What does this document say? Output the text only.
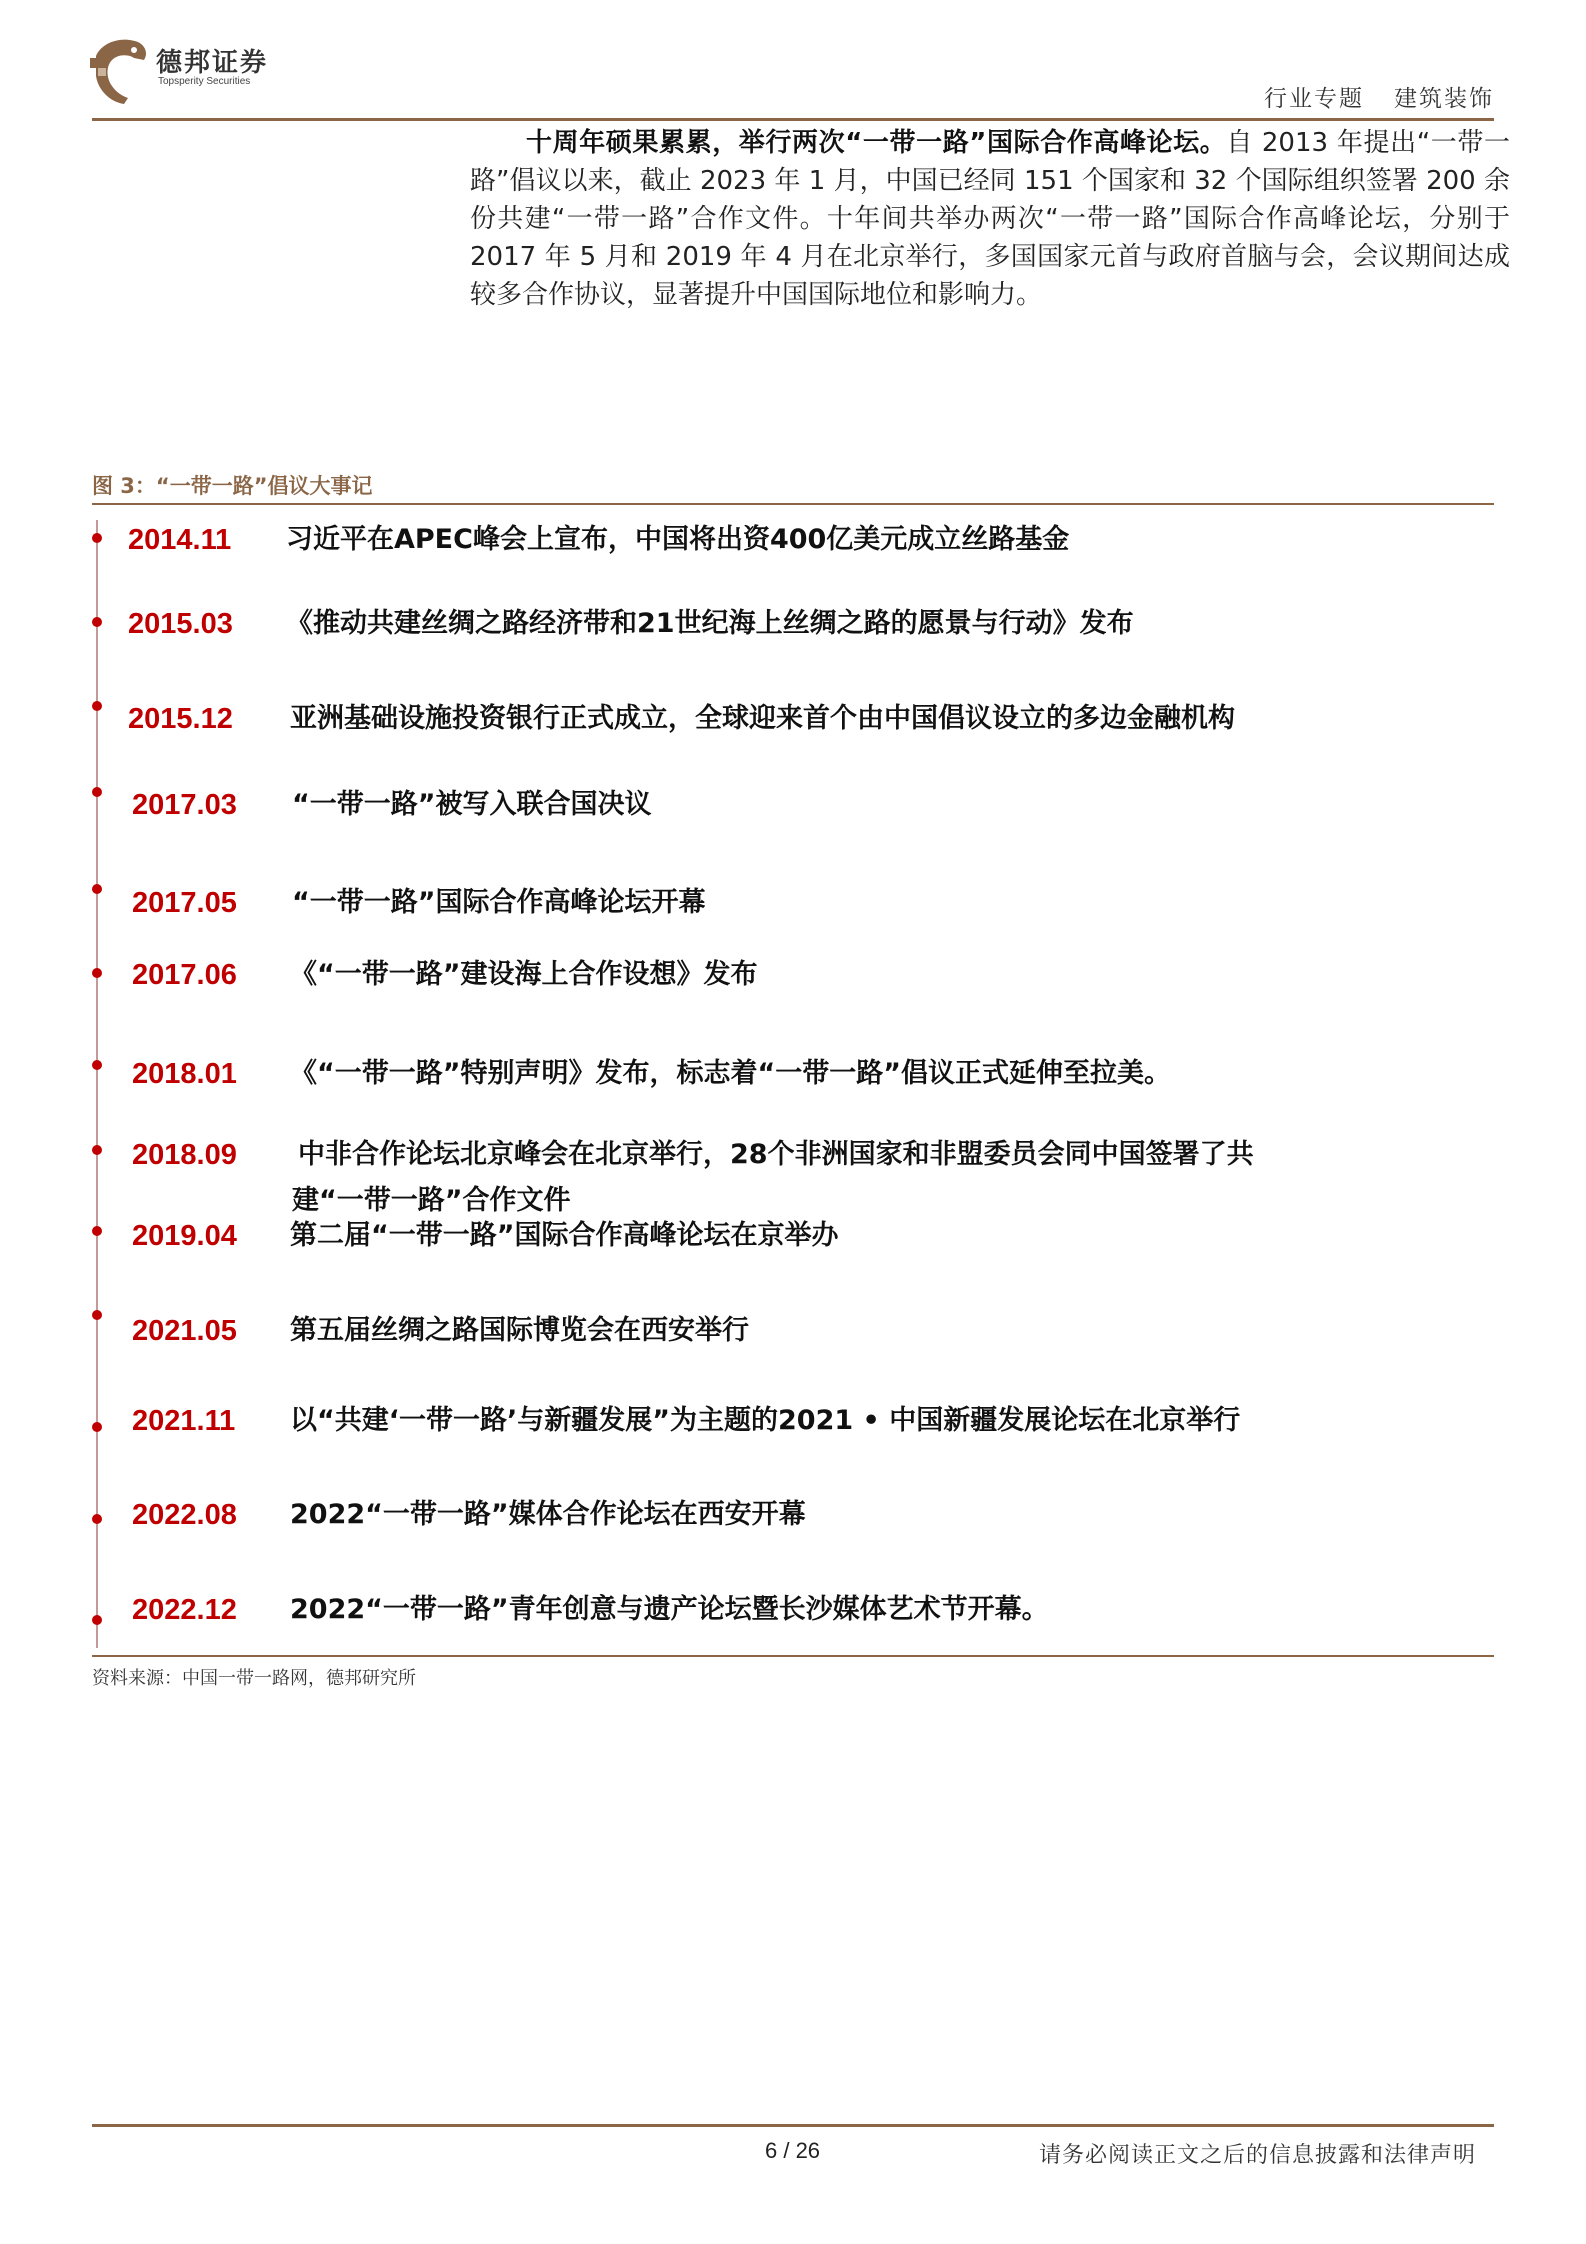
德邦证券
Topsperity Securities
行业专题 建筑装饰
十周年硕果累累，举行两次“一带一路”国际合作高峰论坛。自 2013 年提出“一带一路”倡议以来，截止 2023 年 1 月，中国已经同 151 个国家和 32 个国际组织签署 200 余份共建“一带一路”合作文件。十年间共举办两次“一带一路”国际合作高峰论坛，分别于 2017 年 5 月和 2019 年 4 月在北京举行，多国国家元首与政府首脑与会，会议期间达成较多合作协议，显著提升中国国际地位和影响力。
图 3：“一带一路”倡议大事记
2014.11 习近平在APEC峰会上宣布，中国将出资400亿美元成立丝路基金
2015.03 《推动共建丝绸之路经济带和21世纪海上丝绸之路的愿景与行动》发布
2015.12 亚洲基础设施投资银行正式成立，全球迎来首个由中国倡议设立的多边金融机构
2017.03 “一带一路”被写入联合国决议
2017.05 “一带一路”国际合作高峰论坛开幕
2017.06 《“一带一路”建设海上合作设想》发布
2018.01 《“一带一路”特别声明》发布，标志着“一带一路”倡议正式延伸至拉美。
2018.09 中非合作论坛北京峰会在北京举行，28个非洲国家和非盟委员会同中国签署了共
建“一带一路”合作文件
2019.04 第二届“一带一路”国际合作高峰论坛在京举办
2021.05 第五届丝绸之路国际博览会在西安举行
2021.11 以“共建‘一带一路’与新疆发展”为主题的2021 • 中国新疆发展论坛在北京举行
2022.08 2022“一带一路”媒体合作论坛在西安开幕
2022.12 2022“一带一路”青年创意与遗产论坛暨长沙媒体艺术节开幕。
资料来源：中国一带一路网，德邦研究所
6 / 26	请务必阅读正文之后的信息披露和法律声明
